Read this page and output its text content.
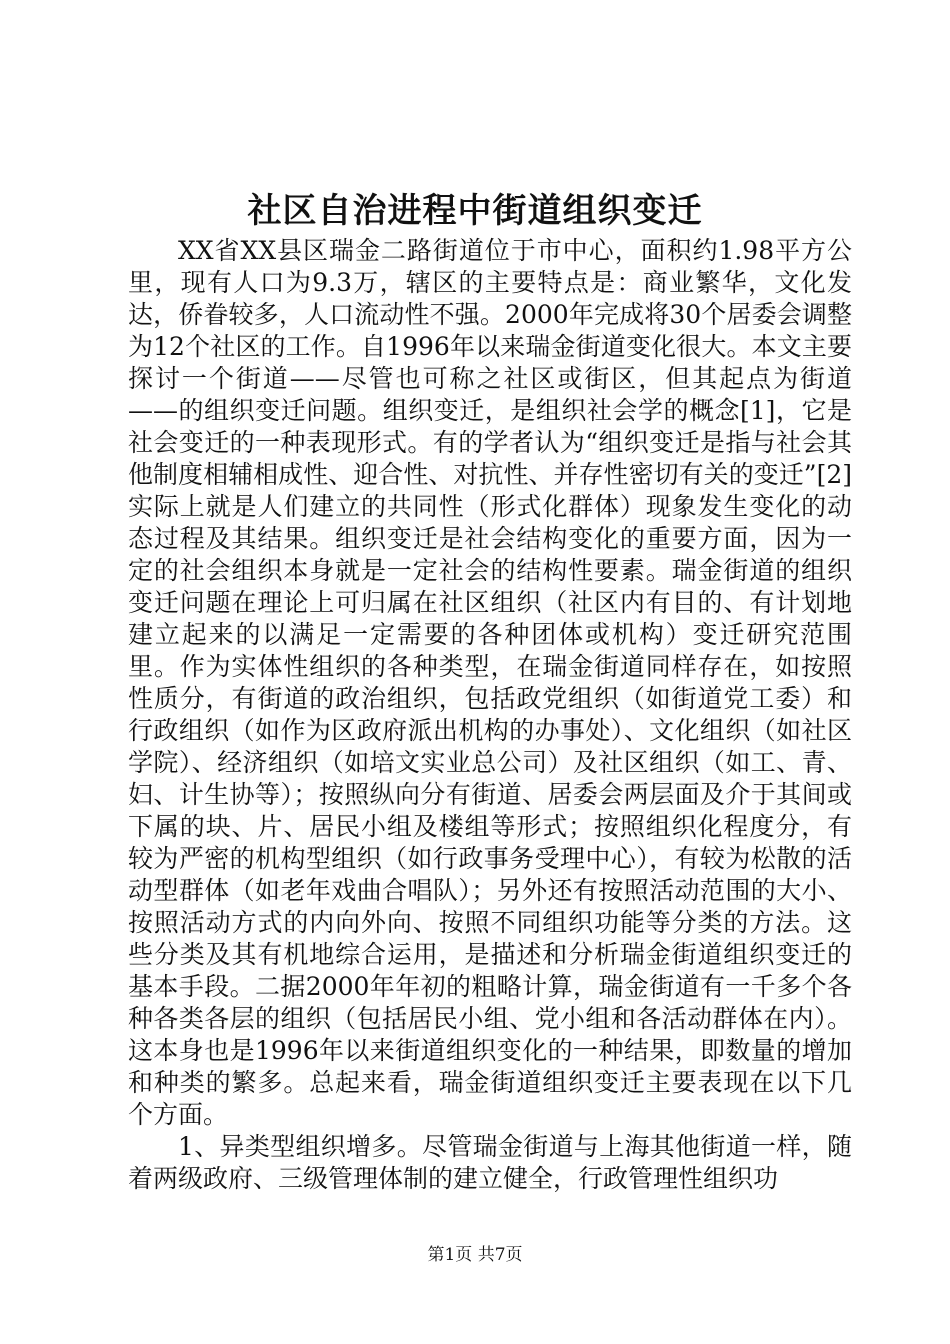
社区自治进程中街道组织变迁

XX省XX县区瑞金二路街道位于市中心，面积约1.98平方公里，现有人口为9.3万，辖区的主要特点是：商业繁华，文化发达，侨眷较多，人口流动性不强。2000年完成将30个居委会调整为12个社区的工作。自1996年以来瑞金街道变化很大。本文主要探讨一个街道——尽管也可称之社区或街区，但其起点为街道——的组织变迁问题。组织变迁，是组织社会学的概念[1]，它是社会变迁的一种表现形式。有的学者认为“组织变迁是指与社会其他制度相辅相成性、迎合性、对抗性、并存性密切有关的变迁”[2]实际上就是人们建立的共同性（形式化群体）现象发生变化的动态过程及其结果。组织变迁是社会结构变化的重要方面，因为一定的社会组织本身就是一定社会的结构性要素。瑞金街道的组织变迁问题在理论上可归属在社区组织（社区内有目的、有计划地建立起来的以满足一定需要的各种团体或机构）变迁研究范围里。作为实体性组织的各种类型，在瑞金街道同样存在，如按照性质分，有街道的政治组织，包括政党组织（如街道党工委）和行政组织（如作为区政府派出机构的办事处）、文化组织（如社区学院）、经济组织（如培文实业总公司）及社区组织（如工、青、妇、计生协等）；按照纵向分有街道、居委会两层面及介于其间或下属的块、片、居民小组及楼组等形式；按照组织化程度分，有较为严密的机构型组织（如行政事务受理中心），有较为松散的活动型群体（如老年戏曲合唱队）；另外还有按照活动范围的大小、按照活动方式的内向外向、按照不同组织功能等分类的方法。这些分类及其有机地综合运用，是描述和分析瑞金街道组织变迁的基本手段。二据2000年年初的粗略计算，瑞金街道有一千多个各种各类各层的组织（包括居民小组、党小组和各活动群体在内）。这本身也是1996年以来街道组织变化的一种结果，即数量的增加和种类的繁多。总起来看，瑞金街道组织变迁主要表现在以下几个方面。

1、异类型组织增多。尽管瑞金街道与上海其他街道一样，随着两级政府、三级管理体制的建立健全，行政管理性组织功

第1页 共7页
